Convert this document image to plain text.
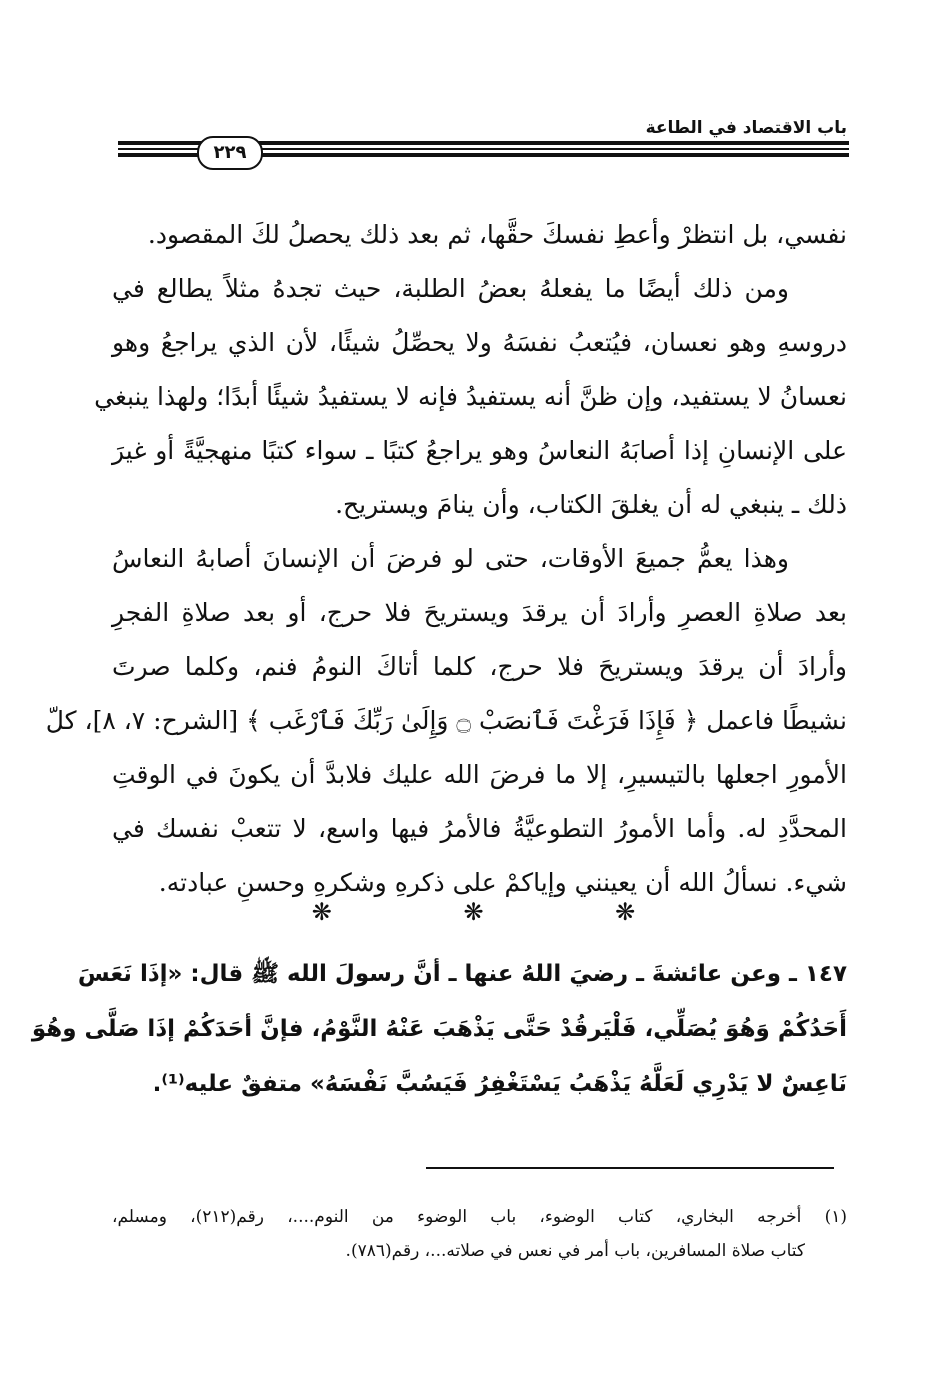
باب الاقتصاد في الطاعة
٢٢٩
نفسي، بل انتظرْ وأعطِ نفسكَ حقَّها، ثم بعد ذلك يحصلُ لكَ المقصود.
ومن ذلك أيضًا ما يفعلهُ بعضُ الطلبة، حيث تجدهُ مثلاً يطالع في
دروسهِ وهو نعسان، فيُتعبُ نفسَهُ ولا يحصِّلُ شيئًا، لأن الذي يراجعُ وهو
نعسانُ لا يستفيد، وإن ظنَّ أنه يستفيدُ فإنه لا يستفيدُ شيئًا أبدًا؛ ولهذا ينبغي
على الإنسانِ إذا أصابَهُ النعاسُ وهو يراجعُ كتبًا ـ سواء كتبًا منهجيَّةً أو غيرَ
ذلك ـ ينبغي له أن يغلقَ الكتاب، وأن ينامَ ويستريح.
وهذا يعمُّ جميعَ الأوقات، حتى لو فرضَ أن الإنسانَ أصابهُ النعاسُ
بعد صلاةِ العصرِ وأرادَ أن يرقدَ ويستريحَ فلا حرج، أو بعد صلاةِ الفجرِ
وأرادَ أن يرقدَ ويستريحَ فلا حرج، كلما أتاكَ النومُ فنم، وكلما صرتَ
نشيطًا فاعمل ﴿ فَإِذَا فَرَغْتَ فَٱنصَبْ ۝ وَإِلَىٰ رَبِّكَ فَٱرْغَب ﴾ [الشرح: ٧، ٨]، كلّ
الأمورِ اجعلها بالتيسيرِ، إلا ما فرضَ الله عليك فلابدَّ أن يكونَ في الوقتِ
المحدَّدِ له. وأما الأمورُ التطوعيَّةُ فالأمرُ فيها واسع، لا تتعبْ نفسك في
شيء. نسألُ الله أن يعينني وإياكمْ على ذكرهِ وشكرهِ وحسنِ عبادته.
❋ ❋ ❋
١٤٧ ـ وعن عائشةَ ـ رضيَ اللهُ عنها ـ أنَّ رسولَ الله ﷺ قال: «إذَا نَعَسَ
أَحَدُكُمْ وَهُوَ يُصَلِّي، فَلْيَرقُدْ حَتَّى يَذْهَبَ عَنْهُ النَّوْمُ، فإنَّ أحَدَكُمْ إذَا صَلَّى وهُوَ
نَاعِسٌ لا يَدْرِي لَعَلَّهُ يَذْهَبُ يَسْتَغْفِرُ فَيَسُبَّ نَفْسَهُ» متفقٌ عليه⁽¹⁾.
(١) أخرجه البخاري، كتاب الوضوء، باب الوضوء من النوم....، رقم(٢١٢)، ومسلم،
كتاب صلاة المسافرين، باب أمر في نعس في صلاته...، رقم(٧٨٦).
